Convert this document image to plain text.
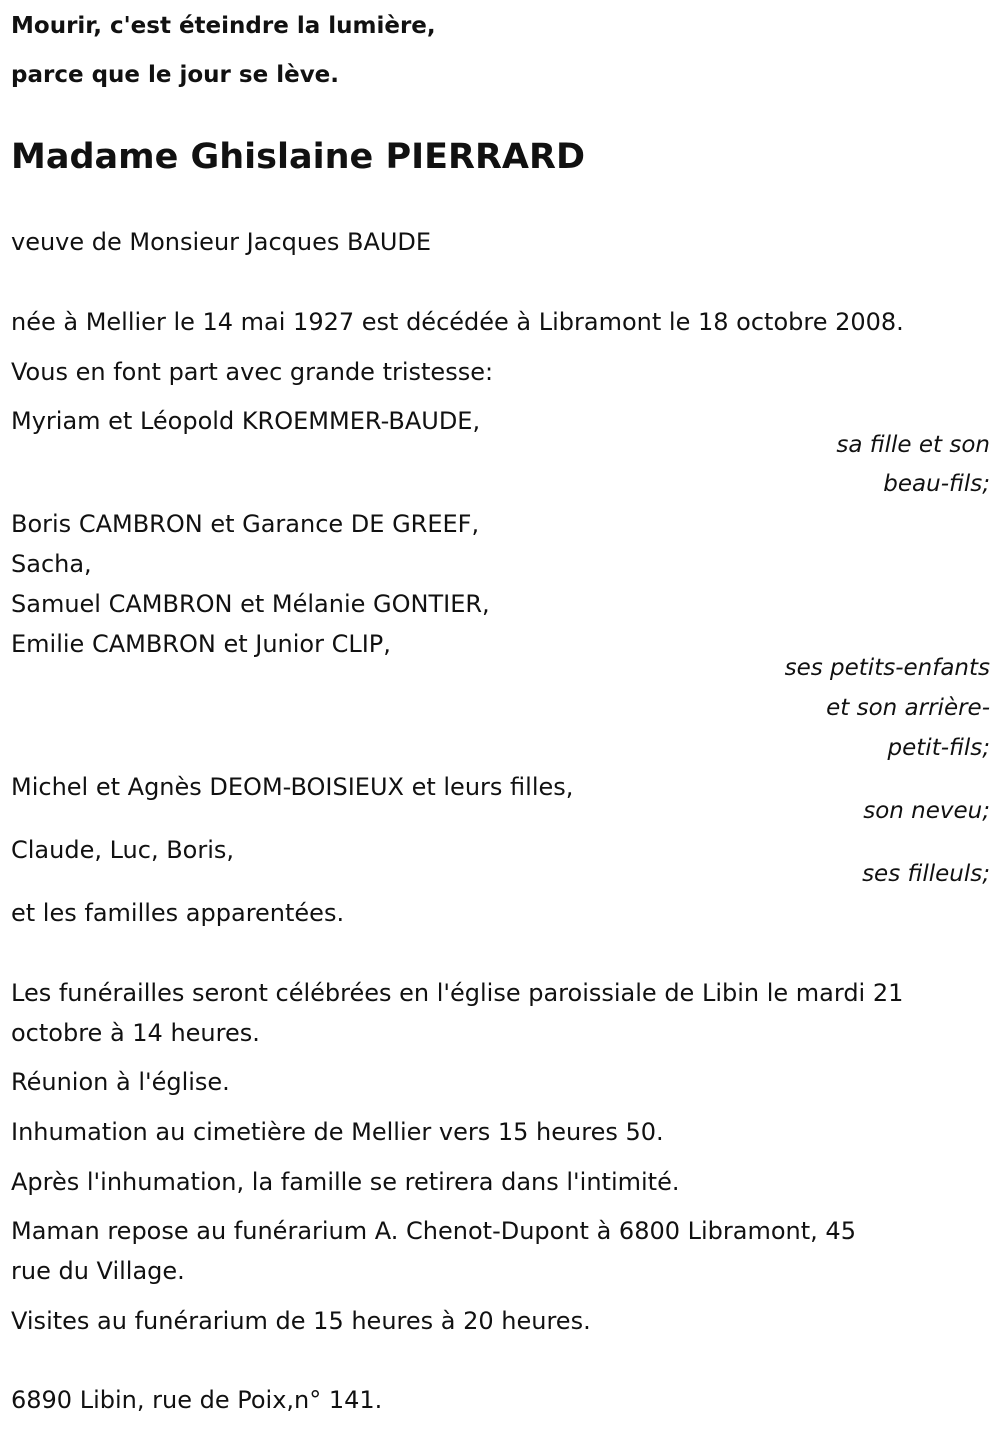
Mourir, c'est éteindre la lumière,

parce que le jour se lève.

Madame Ghislaine PIERRARD

veuve de Monsieur Jacques BAUDE

née à Mellier le 14 mai 1927 est décédée à Libramont le 18 octobre 2008.

Vous en font part avec grande tristesse:

Myriam et Léopold KROEMMER-BAUDE,

sa fille et son

beau-fils;

Boris CAMBRON et Garance DE GREEF,

Sacha,

Samuel CAMBRON et Mélanie GONTIER,

Emilie CAMBRON et Junior CLIP,

ses petits-enfants

et son arrière-

petit-fils;

Michel et Agnès DEOM-BOISIEUX et leurs filles,

son neveu;

Claude, Luc, Boris,

ses filleuls;

et les familles apparentées.

Les funérailles seront célébrées en l'église paroissiale de Libin le mardi 21

octobre à 14 heures.

Réunion à l'église.

Inhumation au cimetière de Mellier vers 15 heures 50.

Après l'inhumation, la famille se retirera dans l'intimité.

Maman repose au funérarium A. Chenot-Dupont à 6800 Libramont, 45

rue du Village.

Visites au funérarium de 15 heures à 20 heures.

6890 Libin, rue de Poix,n° 141.
